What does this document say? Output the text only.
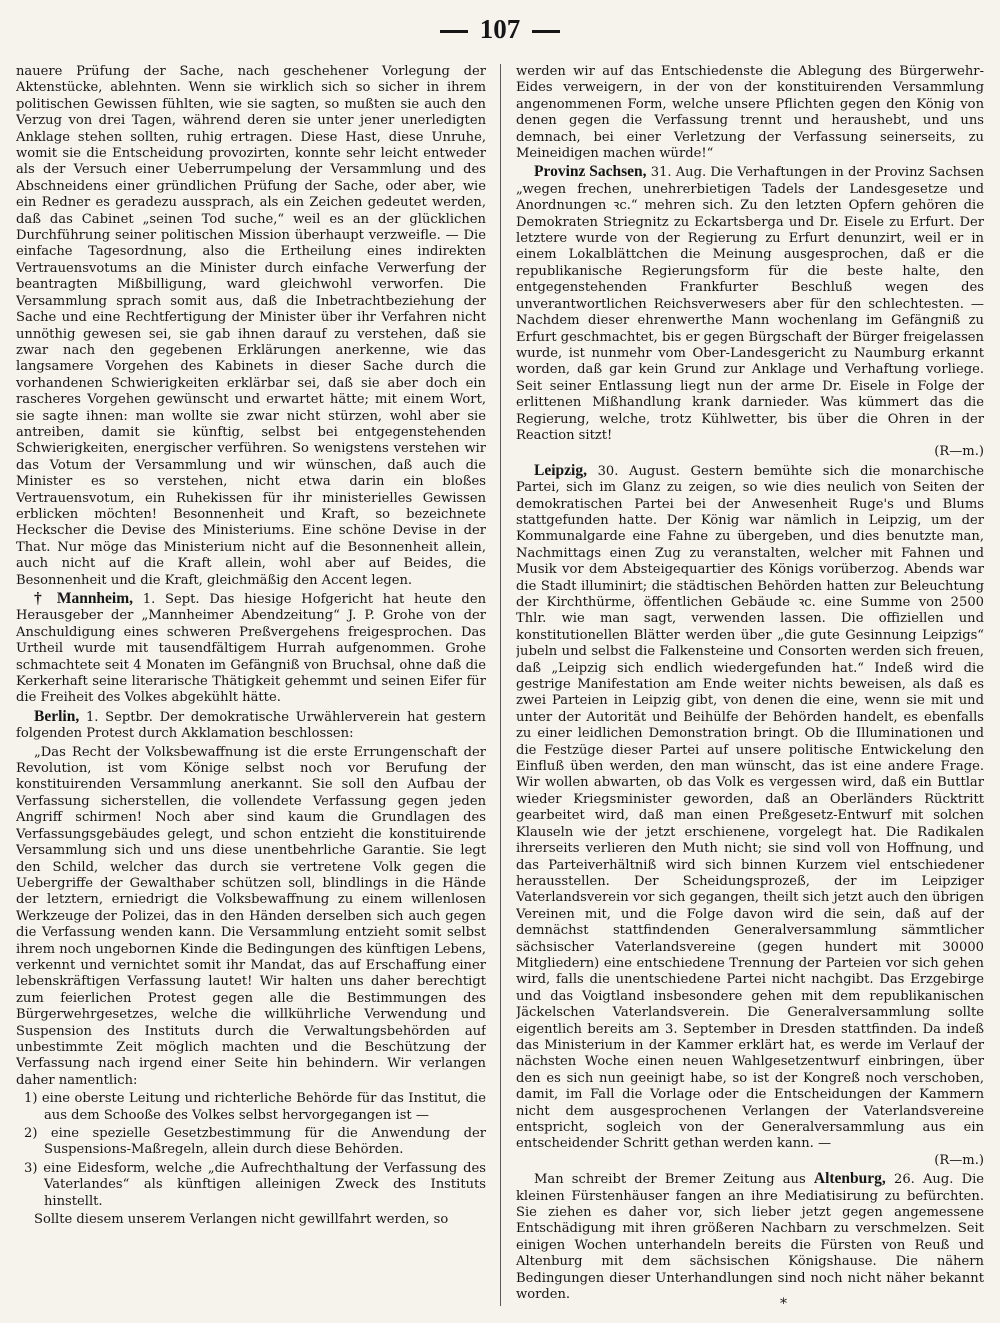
107

nauere Prüfung der Sache, nach geschehener Vorlegung der Aktenstücke, ablehnten. Wenn sie wirklich sich so sicher in ihrem politischen Gewissen fühlten, wie sie sagten, so mußten sie auch den Verzug von drei Tagen, während deren sie unter jener unerledigten Anklage stehen sollten, ruhig ertragen. Diese Hast, diese Unruhe, womit sie die Entscheidung provozirten, konnte sehr leicht entweder als der Versuch einer Ueberrumpelung der Versammlung und des Abschneidens einer gründlichen Prüfung der Sache, oder aber, wie ein Redner es geradezu aussprach, als ein Zeichen gedeutet werden, daß das Cabinet „seinen Tod suche,“ weil es an der glücklichen Durchführung seiner politischen Mission überhaupt verzweifle. — Die einfache Tagesordnung, also die Ertheilung eines indirekten Vertrauensvotums an die Minister durch einfache Verwerfung der beantragten Mißbilligung, ward gleichwohl verworfen. Die Versammlung sprach somit aus, daß die Inbetrachtbeziehung der Sache und eine Rechtfertigung der Minister über ihr Verfahren nicht unnöthig gewesen sei, sie gab ihnen darauf zu verstehen, daß sie zwar nach den gegebenen Erklärungen anerkenne, wie das langsamere Vorgehen des Kabinets in dieser Sache durch die vorhandenen Schwierigkeiten erklärbar sei, daß sie aber doch ein rascheres Vorgehen gewünscht und erwartet hätte; mit einem Wort, sie sagte ihnen: man wollte sie zwar nicht stürzen, wohl aber sie antreiben, damit sie künftig, selbst bei entgegenstehenden Schwierigkeiten, energischer verführen. So wenigstens verstehen wir das Votum der Versammlung und wir wünschen, daß auch die Minister es so verstehen, nicht etwa darin ein bloßes Vertrauensvotum, ein Ruhekissen für ihr ministerielles Gewissen erblicken möchten! Besonnenheit und Kraft, so bezeichnete Heckscher die Devise des Ministeriums. Eine schöne Devise in der That. Nur möge das Ministerium nicht auf die Besonnenheit allein, auch nicht auf die Kraft allein, wohl aber auf Beides, die Besonnenheit und die Kraft, gleichmäßig den Accent legen.

† Mannheim, 1. Sept. Das hiesige Hofgericht hat heute den Herausgeber der „Mannheimer Abendzeitung“ J. P. Grohe von der Anschuldigung eines schweren Preßvergehens freigesprochen. Das Urtheil wurde mit tausendfältigem Hurrah aufgenommen. Grohe schmachtete seit 4 Monaten im Gefängniß von Bruchsal, ohne daß die Kerkerhaft seine literarische Thätigkeit gehemmt und seinen Eifer für die Freiheit des Volkes abgekühlt hätte.

Berlin, 1. Septbr. Der demokratische Urwählerverein hat gestern folgenden Protest durch Akklamation beschlossen:

„Das Recht der Volksbewaffnung ist die erste Errungenschaft der Revolution, ist vom Könige selbst noch vor Berufung der konstituirenden Versammlung anerkannt. Sie soll den Aufbau der Verfassung sicherstellen, die vollendete Verfassung gegen jeden Angriff schirmen! Noch aber sind kaum die Grundlagen des Verfassungsgebäudes gelegt, und schon entzieht die konstituirende Versammlung sich und uns diese unentbehrliche Garantie. Sie legt den Schild, welcher das durch sie vertretene Volk gegen die Uebergriffe der Gewalthaber schützen soll, blindlings in die Hände der letztern, erniedrigt die Volksbewaffnung zu einem willenlosen Werkzeuge der Polizei, das in den Händen derselben sich auch gegen die Verfassung wenden kann. Die Versammlung entzieht somit selbst ihrem noch ungebornen Kinde die Bedingungen des künftigen Lebens, verkennt und vernichtet somit ihr Mandat, das auf Erschaffung einer lebenskräftigen Verfassung lautet! Wir halten uns daher berechtigt zum feierlichen Protest gegen alle die Bestimmungen des Bürgerwehrgesetzes, welche die willkührliche Verwendung und Suspension des Instituts durch die Verwaltungsbehörden auf unbestimmte Zeit möglich machten und die Beschützung der Verfassung nach irgend einer Seite hin behindern. Wir verlangen daher namentlich:

1) eine oberste Leitung und richterliche Behörde für das Institut, die aus dem Schooße des Volkes selbst hervorgegangen ist —
2) eine spezielle Gesetzbestimmung für die Anwendung der Suspensions-Maßregeln, allein durch diese Behörden.
3) eine Eidesform, welche „die Aufrechthaltung der Verfassung des Vaterlandes“ als künftigen alleinigen Zweck des Instituts hinstellt.

Sollte diesem unserem Verlangen nicht gewillfahrt werden, so

werden wir auf das Entschiedenste die Ablegung des Bürgerwehr-Eides verweigern, in der von der konstituirenden Versammlung angenommenen Form, welche unsere Pflichten gegen den König von denen gegen die Verfassung trennt und heraushebt, und uns demnach, bei einer Verletzung der Verfassung seinerseits, zu Meineidigen machen würde!“

Provinz Sachsen, 31. Aug. Die Verhaftungen in der Provinz Sachsen „wegen frechen, unehrerbietigen Tadels der Landesgesetze und Anordnungen ꝛc.“ mehren sich. Zu den letzten Opfern gehören die Demokraten Striegnitz zu Eckartsberga und Dr. Eisele zu Erfurt. Der letztere wurde von der Regierung zu Erfurt denunzirt, weil er in einem Lokalblättchen die Meinung ausgesprochen, daß er die republikanische Regierungsform für die beste halte, den entgegenstehenden Frankfurter Beschluß wegen des unverantwortlichen Reichsverwesers aber für den schlechtesten. — Nachdem dieser ehrenwerthe Mann wochenlang im Gefängniß zu Erfurt geschmachtet, bis er gegen Bürgschaft der Bürger freigelassen wurde, ist nunmehr vom Ober-Landesgericht zu Naumburg erkannt worden, daß gar kein Grund zur Anklage und Verhaftung vorliege. Seit seiner Entlassung liegt nun der arme Dr. Eisele in Folge der erlittenen Mißhandlung krank darnieder. Was kümmert das die Regierung, welche, trotz Kühlwetter, bis über die Ohren in der Reaction sitzt!
(R—m.)

Leipzig, 30. August. Gestern bemühte sich die monarchische Partei, sich im Glanz zu zeigen, so wie dies neulich von Seiten der demokratischen Partei bei der Anwesenheit Ruge's und Blums stattgefunden hatte. Der König war nämlich in Leipzig, um der Kommunalgarde eine Fahne zu übergeben, und dies benutzte man, Nachmittags einen Zug zu veranstalten, welcher mit Fahnen und Musik vor dem Absteigequartier des Königs vorüberzog. Abends war die Stadt illuminirt; die städtischen Behörden hatten zur Beleuchtung der Kirchthürme, öffentlichen Gebäude ꝛc. eine Summe von 2500 Thlr. wie man sagt, verwenden lassen. Die offiziellen und konstitutionellen Blätter werden über „die gute Gesinnung Leipzigs“ jubeln und selbst die Falkensteine und Consorten werden sich freuen, daß „Leipzig sich endlich wiedergefunden hat.“ Indeß wird die gestrige Manifestation am Ende weiter nichts beweisen, als daß es zwei Parteien in Leipzig gibt, von denen die eine, wenn sie mit und unter der Autorität und Beihülfe der Behörden handelt, es ebenfalls zu einer leidlichen Demonstration bringt. Ob die Illuminationen und die Festzüge dieser Partei auf unsere politische Entwickelung den Einfluß üben werden, den man wünscht, das ist eine andere Frage. Wir wollen abwarten, ob das Volk es vergessen wird, daß ein Buttlar wieder Kriegsminister geworden, daß an Oberländers Rücktritt gearbeitet wird, daß man einen Preßgesetz-Entwurf mit solchen Klauseln wie der jetzt erschienene, vorgelegt hat. Die Radikalen ihrerseits verlieren den Muth nicht; sie sind voll von Hoffnung, und das Parteiverhältniß wird sich binnen Kurzem viel entschiedener herausstellen. Der Scheidungsprozeß, der im Leipziger Vaterlandsverein vor sich gegangen, theilt sich jetzt auch den übrigen Vereinen mit, und die Folge davon wird die sein, daß auf der demnächst stattfindenden Generalversammlung sämmtlicher sächsischer Vaterlandsvereine (gegen hundert mit 30000 Mitgliedern) eine entschiedene Trennung der Parteien vor sich gehen wird, falls die unentschiedene Partei nicht nachgibt. Das Erzgebirge und das Voigtland insbesondere gehen mit dem republikanischen Jäckelschen Vaterlandsverein. Die Generalversammlung sollte eigentlich bereits am 3. September in Dresden stattfinden. Da indeß das Ministerium in der Kammer erklärt hat, es werde im Verlauf der nächsten Woche einen neuen Wahlgesetzentwurf einbringen, über den es sich nun geeinigt habe, so ist der Kongreß noch verschoben, damit, im Fall die Vorlage oder die Entscheidungen der Kammern nicht dem ausgesprochenen Verlangen der Vaterlandsvereine entspricht, sogleich von der Generalversammlung aus ein entscheidender Schritt gethan werden kann. —
(R—m.)

Man schreibt der Bremer Zeitung aus Altenburg, 26. Aug. Die kleinen Fürstenhäuser fangen an ihre Mediatisirung zu befürchten. Sie ziehen es daher vor, sich lieber jetzt gegen angemessene Entschädigung mit ihren größeren Nachbarn zu verschmelzen. Seit einigen Wochen unterhandeln bereits die Fürsten von Reuß und Altenburg mit dem sächsischen Königshause. Die nähern Bedingungen dieser Unterhandlungen sind noch nicht näher bekannt worden.

*
